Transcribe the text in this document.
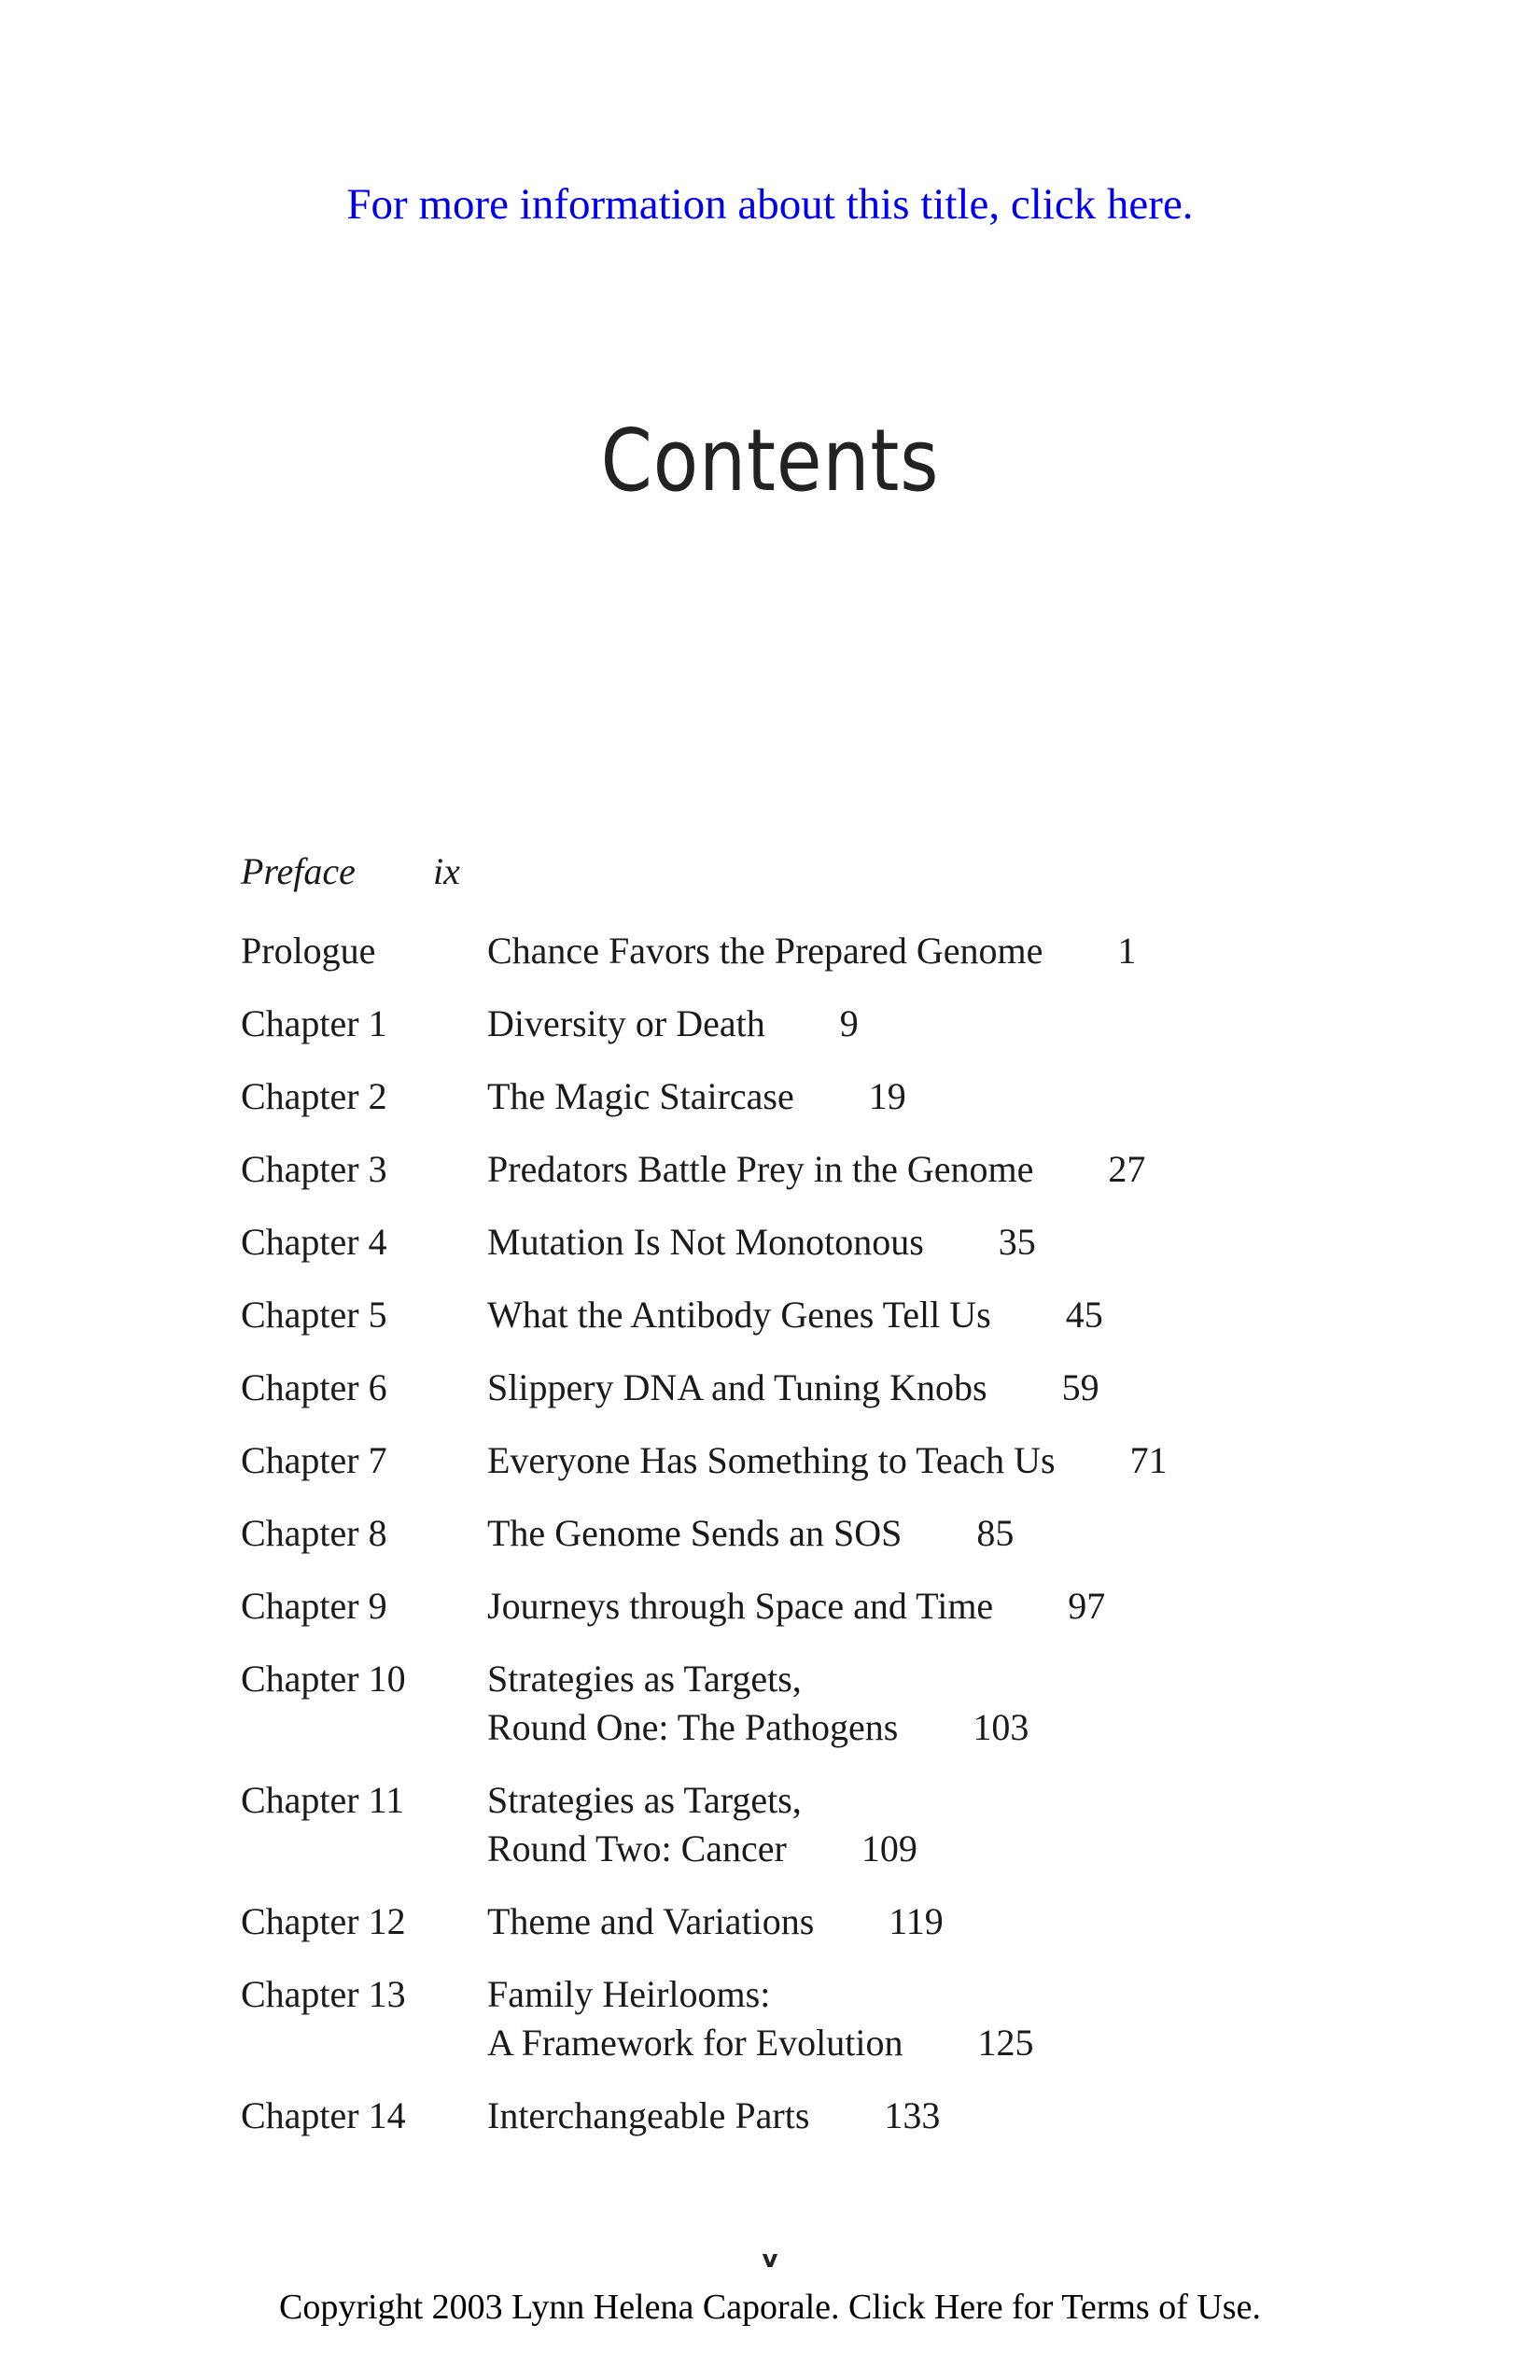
For more information about this title, click here.
Contents
Preface ix
Prologue	Chance Favors the Prepared Genome 1
Chapter 1	Diversity or Death 9
Chapter 2	The Magic Staircase 19
Chapter 3	Predators Battle Prey in the Genome 27
Chapter 4	Mutation Is Not Monotonous 35
Chapter 5	What the Antibody Genes Tell Us 45
Chapter 6	Slippery DNA and Tuning Knobs 59
Chapter 7	Everyone Has Something to Teach Us 71
Chapter 8	The Genome Sends an SOS 85
Chapter 9	Journeys through Space and Time 97
Chapter 10 Strategies as Targets,
Round One: The Pathogens 103
Chapter 11 Strategies as Targets,
Round Two: Cancer 109
Chapter 12 Theme and Variations 119
Chapter 13 Family Heirlooms:
A Framework for Evolution 125
Chapter 14 Interchangeable Parts 133
v
Copyright 2003 Lynn Helena Caporale. Click Here for Terms of Use.
